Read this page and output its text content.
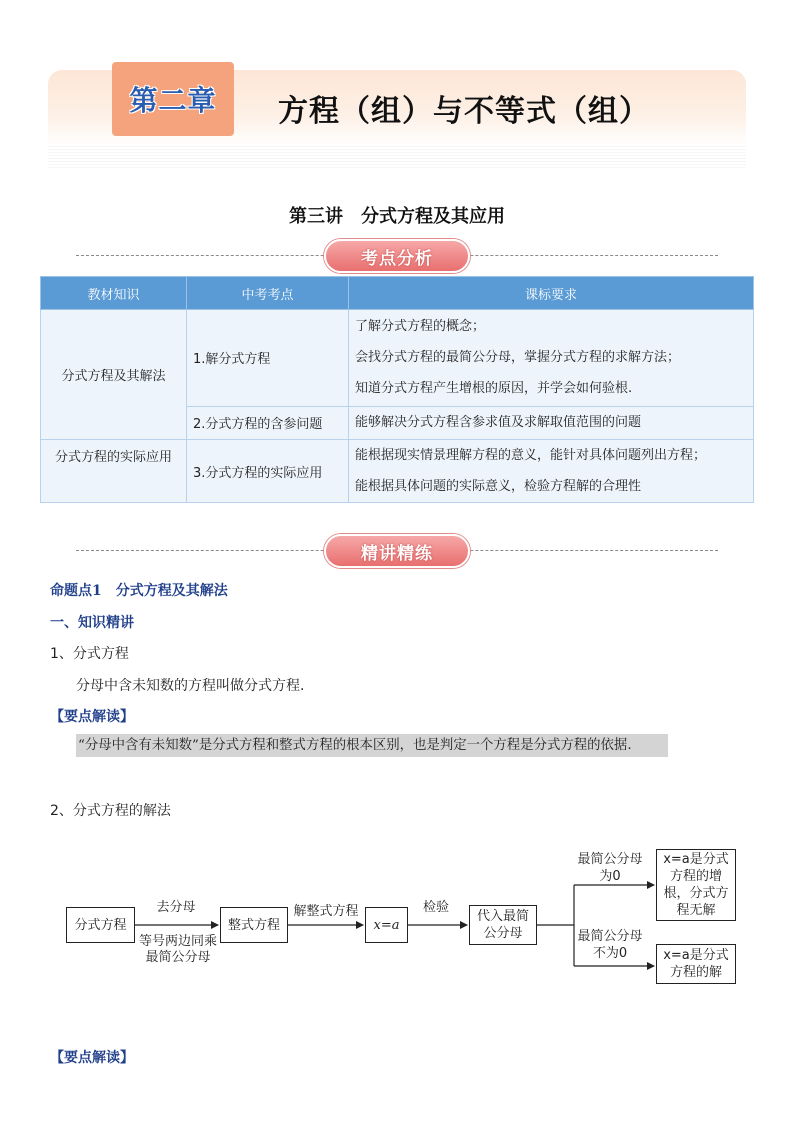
第二章 方程（组）与不等式（组）
第三讲　分式方程及其应用
考点分析
教材知识	中考考点	课标要求
分式方程及其解法	1.解分式方程	了解分式方程的概念；
会找分式方程的最简公分母，掌握分式方程的求解方法；
知道分式方程产生增根的原因，并学会如何验根.

	2.分式方程的含参问题	能够解决分式方程含参求值及求解取值范围的问题

分式方程的实际应用	3.分式方程的实际应用	能根据现实情景理解方程的意义，能针对具体问题列出方程；
能根据具体问题的实际意义，检验方程解的合理性
精讲精练
命题点1　分式方程及其解法
一、知识精讲
1、分式方程
分母中含未知数的方程叫做分式方程.
【要点解读】
“分母中含有未知数”是分式方程和整式方程的根本区别，也是判定一个方程是分式方程的依据.
2、分式方程的解法
分式方程
去分母
等号两边同乘
最简公分母
整式方程
解整式方程
x=a
检验
代入最简
公分母
最简公分母
为0
最简公分母
不为0
x=a是分式
方程的增
根，分式方
程无解
x=a是分式
方程的解
【要点解读】
